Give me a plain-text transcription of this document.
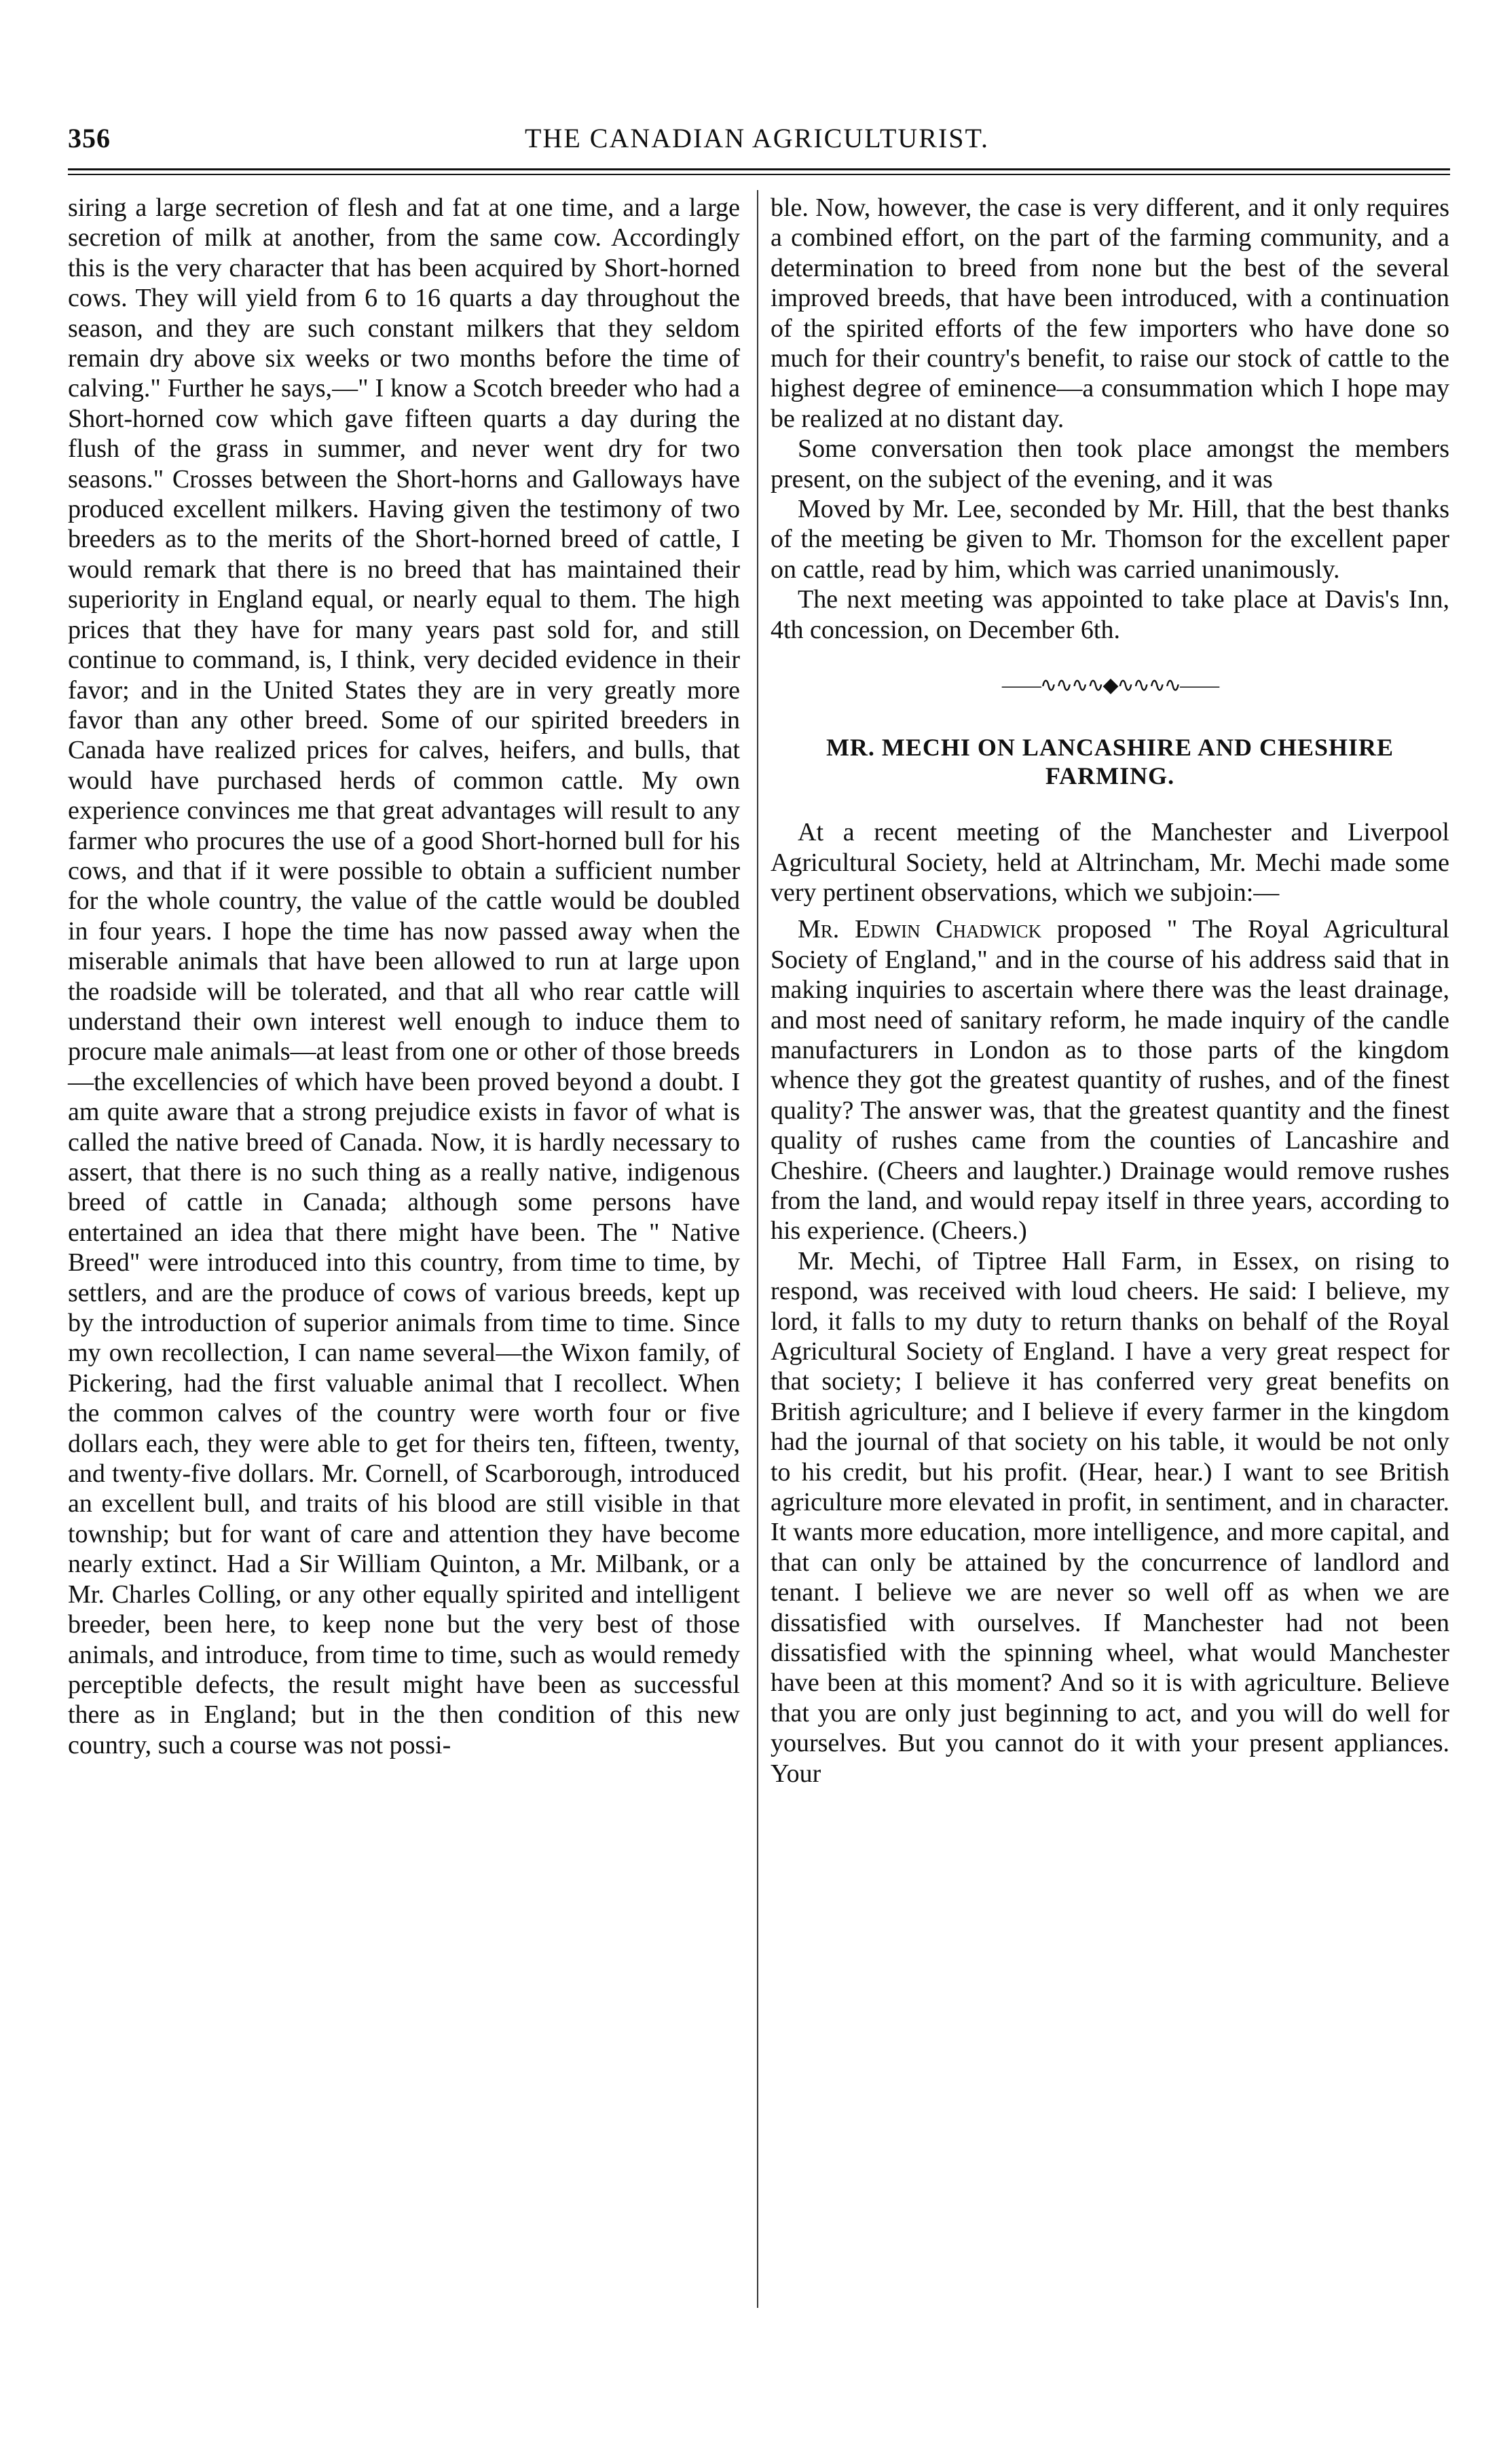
356	THE CANADIAN AGRICULTURIST.

siring a large secretion of flesh and fat at one time, and a large secretion of milk at another, from the same cow. Accordingly this is the very character that has been acquired by Short-horned cows. They will yield from 6 to 16 quarts a day throughout the season, and they are such constant milkers that they seldom remain dry above six weeks or two months before the time of calving." Further he says,—" I know a Scotch breeder who had a Short-horned cow which gave fifteen quarts a day during the flush of the grass in summer, and never went dry for two seasons." Crosses between the Short-horns and Galloways have produced excellent milkers. Having given the testimony of two breeders as to the merits of the Short-horned breed of cattle, I would remark that there is no breed that has maintained their superiority in England equal, or nearly equal to them. The high prices that they have for many years past sold for, and still continue to command, is, I think, very decided evidence in their favor; and in the United States they are in very greatly more favor than any other breed. Some of our spirited breeders in Canada have realized prices for calves, heifers, and bulls, that would have purchased herds of common cattle. My own experience convinces me that great advantages will result to any farmer who procures the use of a good Short-horned bull for his cows, and that if it were possible to obtain a sufficient number for the whole country, the value of the cattle would be doubled in four years. I hope the time has now passed away when the miserable animals that have been allowed to run at large upon the roadside will be tolerated, and that all who rear cattle will understand their own interest well enough to induce them to procure male animals—at least from one or other of those breeds—the excellencies of which have been proved beyond a doubt. I am quite aware that a strong prejudice exists in favor of what is called the native breed of Canada. Now, it is hardly necessary to assert, that there is no such thing as a really native, indigenous breed of cattle in Canada; although some persons have entertained an idea that there might have been. The " Native Breed" were introduced into this country, from time to time, by settlers, and are the produce of cows of various breeds, kept up by the introduction of superior animals from time to time. Since my own recollection, I can name several—the Wixon family, of Pickering, had the first valuable animal that I recollect. When the common calves of the country were worth four or five dollars each, they were able to get for theirs ten, fifteen, twenty, and twenty-five dollars. Mr. Cornell, of Scarborough, introduced an excellent bull, and traits of his blood are still visible in that township; but for want of care and attention they have become nearly extinct. Had a Sir William Quinton, a Mr. Milbank, or a Mr. Charles Colling, or any other equally spirited and intelligent breeder, been here, to keep none but the very best of those animals, and introduce, from time to time, such as would remedy perceptible defects, the result might have been as successful there as in England; but in the then condition of this new country, such a course was not possi-

ble. Now, however, the case is very different, and it only requires a combined effort, on the part of the farming community, and a determination to breed from none but the best of the several improved breeds, that have been introduced, with a continuation of the spirited efforts of the few importers who have done so much for their country's benefit, to raise our stock of cattle to the highest degree of eminence—a consummation which I hope may be realized at no distant day.

Some conversation then took place amongst the members present, on the subject of the evening, and it was

Moved by Mr. Lee, seconded by Mr. Hill, that the best thanks of the meeting be given to Mr. Thomson for the excellent paper on cattle, read by him, which was carried unanimously.

The next meeting was appointed to take place at Davis's Inn, 4th concession, on December 6th.

——∿∿∿∿◆∿∿∿∿——
MR. MECHI ON LANCASHIRE AND CHESHIRE FARMING.

At a recent meeting of the Manchester and Liverpool Agricultural Society, held at Altrincham, Mr. Mechi made some very pertinent observations, which we subjoin:—

Mr. Edwin Chadwick proposed " The Royal Agricultural Society of England," and in the course of his address said that in making inquiries to ascertain where there was the least drainage, and most need of sanitary reform, he made inquiry of the candle manufacturers in London as to those parts of the kingdom whence they got the greatest quantity of rushes, and of the finest quality? The answer was, that the greatest quantity and the finest quality of rushes came from the counties of Lancashire and Cheshire. (Cheers and laughter.) Drainage would remove rushes from the land, and would repay itself in three years, according to his experience. (Cheers.)

Mr. Mechi, of Tiptree Hall Farm, in Essex, on rising to respond, was received with loud cheers. He said: I believe, my lord, it falls to my duty to return thanks on behalf of the Royal Agricultural Society of England. I have a very great respect for that society; I believe it has conferred very great benefits on British agriculture; and I believe if every farmer in the kingdom had the journal of that society on his table, it would be not only to his credit, but his profit. (Hear, hear.) I want to see British agriculture more elevated in profit, in sentiment, and in character. It wants more education, more intelligence, and more capital, and that can only be attained by the concurrence of landlord and tenant. I believe we are never so well off as when we are dissatisfied with ourselves. If Manchester had not been dissatisfied with the spinning wheel, what would Manchester have been at this moment? And so it is with agriculture. Believe that you are only just beginning to act, and you will do well for yourselves. But you cannot do it with your present appliances. Your
